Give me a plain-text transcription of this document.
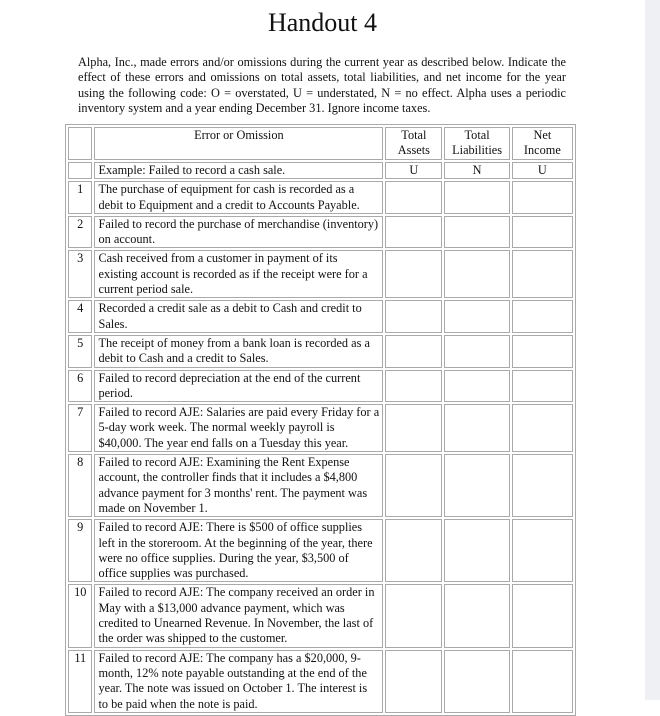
Handout 4

Alpha, Inc., made errors and/or omissions during the current year as described below. Indicate the effect of these errors and omissions on total assets, total liabilities, and net income for the year using the following code: O = overstated, U = understated, N = no effect. Alpha uses a periodic inventory system and a year ending December 31. Ignore income taxes.

	Error or Omission	Total Assets	Total Liabilities	Net Income
	Example: Failed to record a cash sale.	U	N	U
1	The purchase of equipment for cash is recorded as a debit to Equipment and a credit to Accounts Payable.			
2	Failed to record the purchase of merchandise (inventory) on account.			
3	Cash received from a customer in payment of its existing account is recorded as if the receipt were for a current period sale.			
4	Recorded a credit sale as a debit to Cash and credit to Sales.			
5	The receipt of money from a bank loan is recorded as a debit to Cash and a credit to Sales.			
6	Failed to record depreciation at the end of the current period.			
7	Failed to record AJE: Salaries are paid every Friday for a 5-day work week. The normal weekly payroll is $40,000. The year end falls on a Tuesday this year.			
8	Failed to record AJE: Examining the Rent Expense account, the controller finds that it includes a $4,800 advance payment for 3 months' rent. The payment was made on November 1.			
9	Failed to record AJE: There is $500 of office supplies left in the storeroom. At the beginning of the year, there were no office supplies. During the year, $3,500 of office supplies was purchased.			
10	Failed to record AJE: The company received an order in May with a $13,000 advance payment, which was credited to Unearned Revenue. In November, the last of the order was shipped to the customer.			
11	Failed to record AJE: The company has a $20,000, 9-month, 12% note payable outstanding at the end of the year. The note was issued on October 1. The interest is to be paid when the note is paid.			
